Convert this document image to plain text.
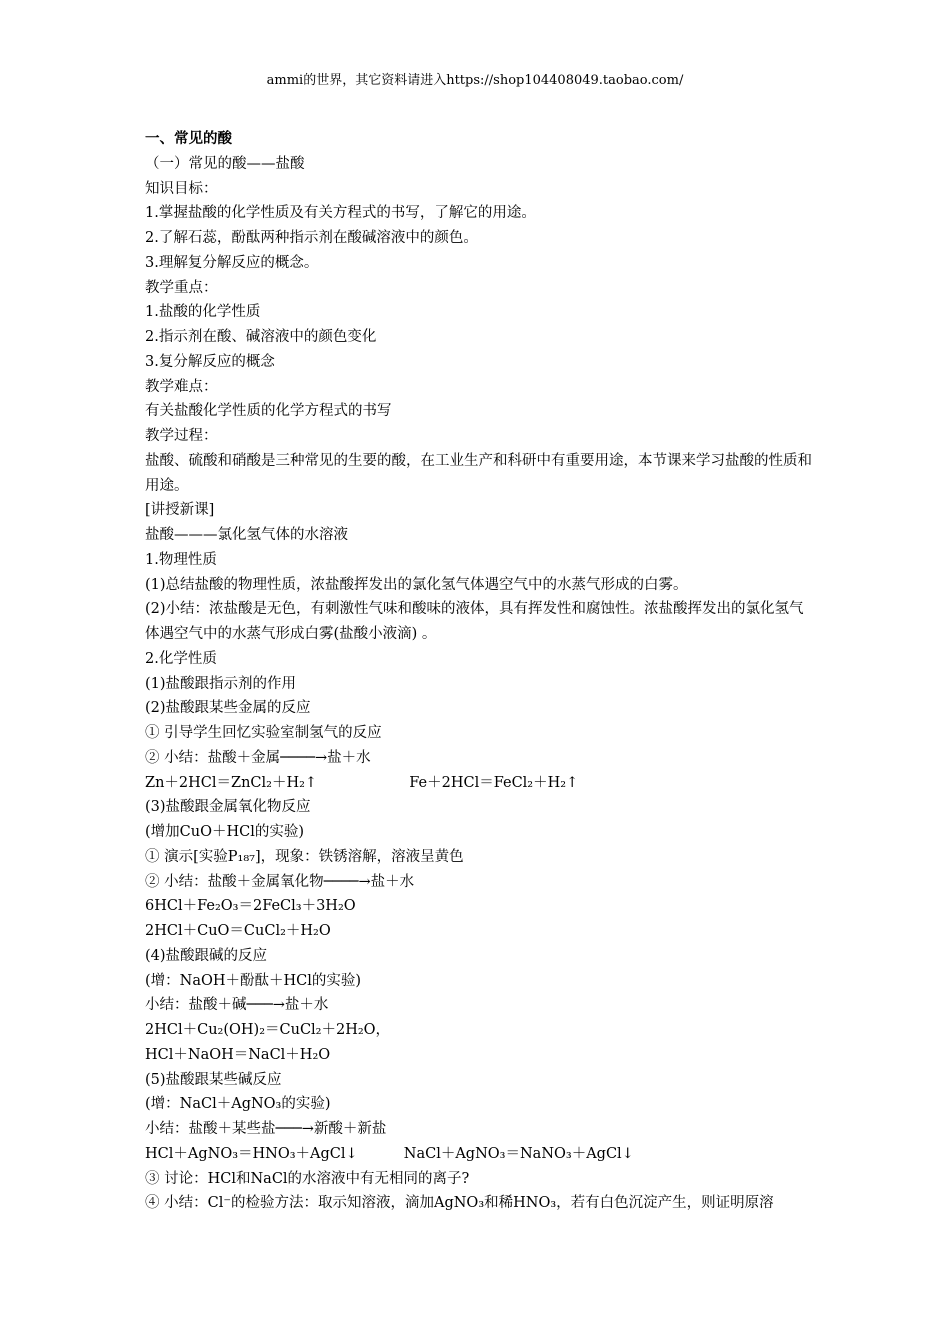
ammi的世界，其它资料请进入https://shop104408049.taobao.com/
一、常见的酸
（一）常见的酸——盐酸
知识目标：
1.掌握盐酸的化学性质及有关方程式的书写，了解它的用途。
2.了解石蕊，酚酞两种指示剂在酸碱溶液中的颜色。
3.理解复分解反应的概念。
教学重点：
1.盐酸的化学性质
2.指示剂在酸、碱溶液中的颜色变化
3.复分解反应的概念
教学难点：
有关盐酸化学性质的化学方程式的书写
教学过程：
盐酸、硫酸和硝酸是三种常见的生要的酸，在工业生产和科研中有重要用途，本节课来学习盐酸的性质和用途。
[讲授新课]
盐酸———氯化氢气体的水溶液
1.物理性质
(1)总结盐酸的物理性质，浓盐酸挥发出的氯化氢气体遇空气中的水蒸气形成的白雾。
(2)小结：浓盐酸是无色，有刺激性气味和酸味的液体，具有挥发性和腐蚀性。浓盐酸挥发出的氯化氢气体遇空气中的水蒸气形成白雾(盐酸小液滴) 。
2.化学性质
(1)盐酸跟指示剂的作用
(2)盐酸跟某些金属的反应
① 引导学生回忆实验室制氢气的反应
② 小结：盐酸＋金属────→盐＋水
Zn＋2HCl＝ZnCl₂＋H₂↑                    Fe＋2HCl＝FeCl₂＋H₂↑
(3)盐酸跟金属氧化物反应
(增加CuO＋HCl的实验)
① 演示[实验P₁₈₇]，现象：铁锈溶解，溶液呈黄色
② 小结：盐酸＋金属氧化物────→盐＋水
6HCl＋Fe₂O₃＝2FeCl₃＋3H₂O
2HCl＋CuO＝CuCl₂＋H₂O
(4)盐酸跟碱的反应
(增：NaOH＋酚酞＋HCl的实验)
小结：盐酸＋碱───→盐＋水
2HCl＋Cu₂(OH)₂＝CuCl₂＋2H₂O，
HCl＋NaOH＝NaCl＋H₂O
(5)盐酸跟某些碱反应
(增：NaCl＋AgNO₃的实验)
小结：盐酸＋某些盐───→新酸＋新盐
HCl＋AgNO₃＝HNO₃＋AgCl↓          NaCl＋AgNO₃＝NaNO₃＋AgCl↓
③ 讨论：HCl和NaCl的水溶液中有无相同的离子?
④ 小结：Cl⁻的检验方法：取示知溶液，滴加AgNO₃和稀HNO₃，若有白色沉淀产生，则证明原溶
